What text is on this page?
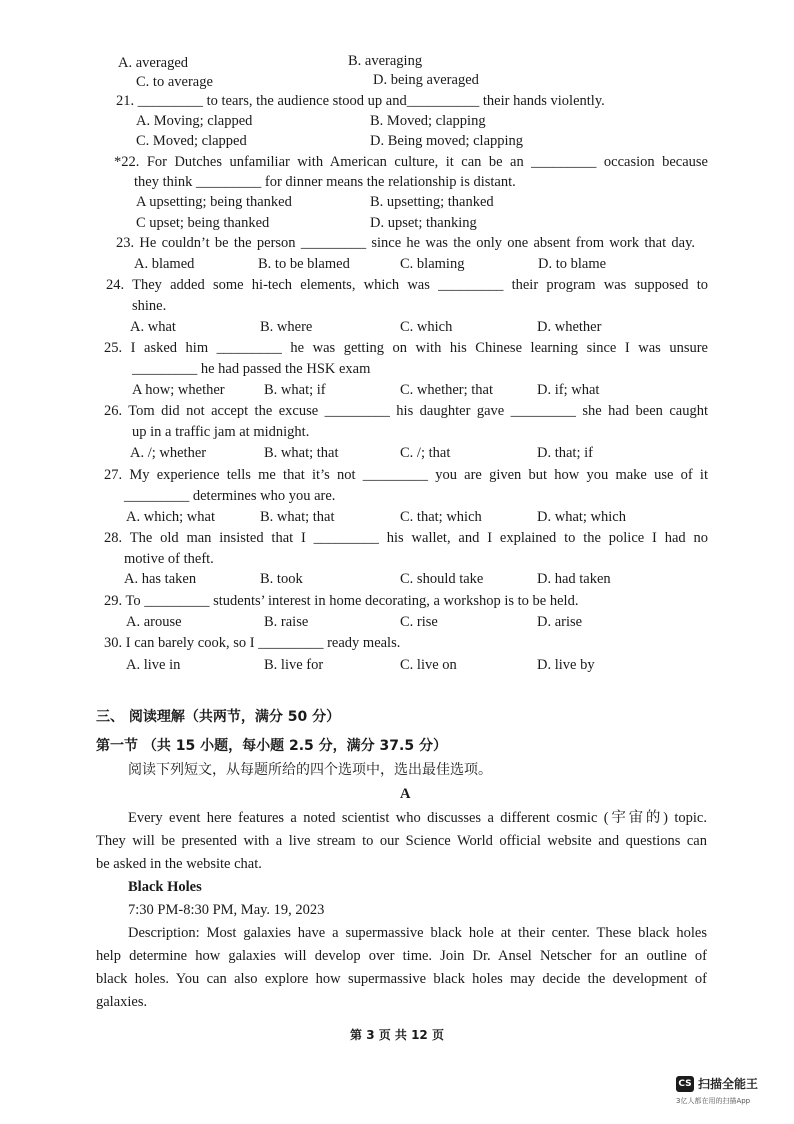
A. averaged	B. averaging
C. to average	D. being averaged
21. _________ to tears, the audience stood up and__________ their hands violently.
A. Moving; clapped	B. Moved; clapping
C. Moved; clapped	D. Being moved; clapping
*22. For Dutches unfamiliar with American culture, it can be an _________ occasion because
they think _________ for dinner means the relationship is distant.
A upsetting; being thanked	B. upsetting; thanked
C upset; being thanked	D. upset; thanking
23. He couldn’t be the person _________ since he was the only one absent from work that day.
A. blamed	B. to be blamed	C. blaming	D. to blame
24. They added some hi-tech elements, which was _________ their program was supposed to
shine.
A. what	B. where	C. which	D. whether
25. I asked him _________ he was getting on with his Chinese learning since I was unsure
_________ he had passed the HSK exam
A how; whether	B. what; if	C. whether; that	D. if; what
26. Tom did not accept the excuse _________ his daughter gave _________ she had been caught
up in a traffic jam at midnight.
A. /; whether	B. what; that	C. /; that	D. that; if
27. My experience tells me that it’s not _________ you are given but how you make use of it
_________ determines who you are.
A. which; what	B. what; that	C. that; which	D. what; which
28. The old man insisted that I _________ his wallet, and I explained to the police I had no
motive of theft.
A. has taken	B. took	C. should take	D. had taken
29. To _________ students’ interest in home decorating, a workshop is to be held.
A. arouse	B. raise	C. rise	D. arise
30. I can barely cook, so I _________ ready meals.
A. live in	B. live for	C. live on	D. live by
三、 阅读理解（共两节，满分 50 分）
第一节 （共 15 小题，每小题 2.5 分，满分 37.5 分）
阅读下列短文，从每题所给的四个选项中，选出最佳选项。
A
Every event here features a noted scientist who discusses a different cosmic (宇宙的) topic.
They will be presented with a live stream to our Science World official website and questions can
be asked in the website chat.
Black Holes
7:30 PM-8:30 PM, May. 19, 2023
Description: Most galaxies have a supermassive black hole at their center. These black holes
help determine how galaxies will develop over time. Join Dr. Ansel Netscher for an outline of
black holes. You can also explore how supermassive black holes may decide the development of
galaxies.
第 3 页 共 12 页
CS 扫描全能王
3亿人都在用的扫描App
